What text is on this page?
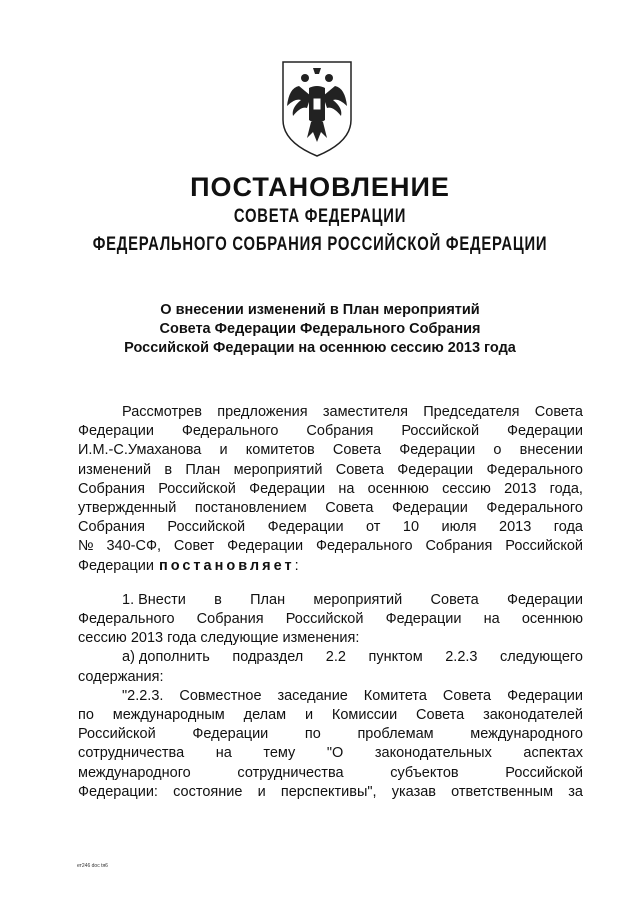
ПОСТАНОВЛЕНИЕ
СОВЕТА ФЕДЕРАЦИИ
ФЕДЕРАЛЬНОГО СОБРАНИЯ РОССИЙСКОЙ ФЕДЕРАЦИИ
О внесении изменений в План мероприятий
Совета Федерации Федерального Собрания
Российской Федерации на осеннюю сессию 2013 года
Рассмотрев предложения заместителя Председателя Совета
Федерации Федерального Собрания Российской Федерации
И.М.-С.Умаханова и комитетов Совета Федерации о внесении
изменений в План мероприятий Совета Федерации Федерального
Собрания Российской Федерации на осеннюю сессию 2013 года,
утвержденный постановлением Совета Федерации Федерального
Собрания Российской Федерации от 10 июля 2013 года
№ 340-СФ, Совет Федерации Федерального Собрания Российской
Федерации постановляет :
1. Внести в План мероприятий Совета Федерации
Федерального Собрания Российской Федерации на осеннюю
сессию 2013 года следующие изменения:
а) дополнить подраздел 2.2 пунктом 2.2.3 следующего
содержания:
"2.2.3. Совместное заседание Комитета Совета Федерации
по международным делам и Комиссии Совета законодателей
Российской	Федерации	по	проблемам	международного
сотрудничества на тему "О законодательных аспектах
международного	сотрудничества	субъектов	Российской
Федерации: состояние и перспективы", указав ответственным за
ет246 doc tя6
